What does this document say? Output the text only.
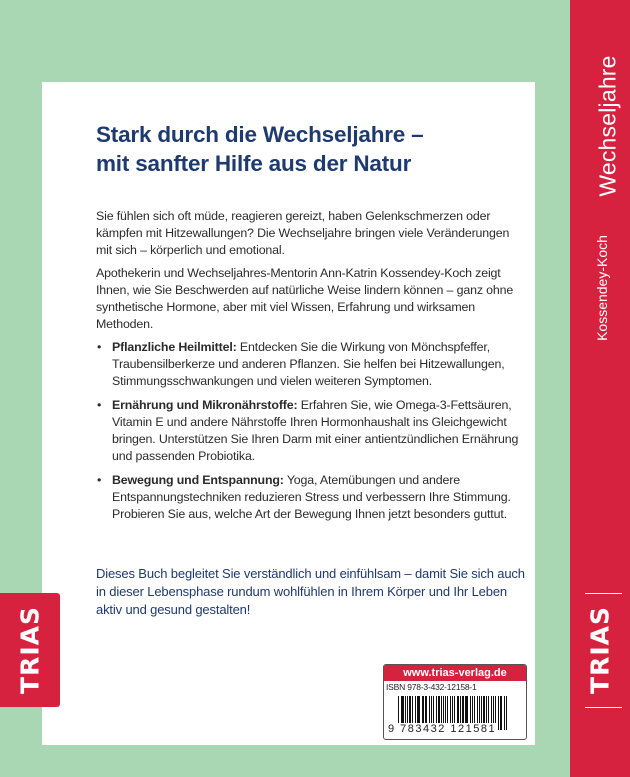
Stark durch die Wechseljahre –
mit sanfter Hilfe aus der Natur

Sie fühlen sich oft müde, reagieren gereizt, haben Gelenkschmerzen oder kämpfen mit Hitzewallungen? Die Wechseljahre bringen viele Veränderungen mit sich – körperlich und emotional.

Apothekerin und Wechseljahres-Mentorin Ann-Katrin Kossendey-Koch zeigt Ihnen, wie Sie Beschwerden auf natürliche Weise lindern können – ganz ohne synthetische Hormone, aber mit viel Wissen, Erfahrung und wirksamen Methoden.

• Pflanzliche Heilmittel: Entdecken Sie die Wirkung von Mönchspfeffer, Traubensilberkerze und anderen Pflanzen. Sie helfen bei Hitzewallungen, Stimmungsschwankungen und vielen weiteren Symptomen.
• Ernährung und Mikronährstoffe: Erfahren Sie, wie Omega-3-Fettsäuren, Vitamin E und andere Nährstoffe Ihren Hormonhaushalt ins Gleichgewicht bringen. Unterstützen Sie Ihren Darm mit einer antientzündlichen Ernährung und passenden Probiotika.
• Bewegung und Entspannung: Yoga, Atemübungen und andere Entspannungstechniken reduzieren Stress und verbessern Ihre Stimmung. Probieren Sie aus, welche Art der Bewegung Ihnen jetzt besonders guttut.

Dieses Buch begleitet Sie verständlich und einfühlsam – damit Sie sich auch in dieser Lebensphase rundum wohlfühlen in Ihrem Körper und Ihr Leben aktiv und gesund gestalten!

TRIAS
Wechseljahre
Kossendey-Koch
TRIAS
www.trias-verlag.de
ISBN 978-3-432-12158-1
9 783432 121581
